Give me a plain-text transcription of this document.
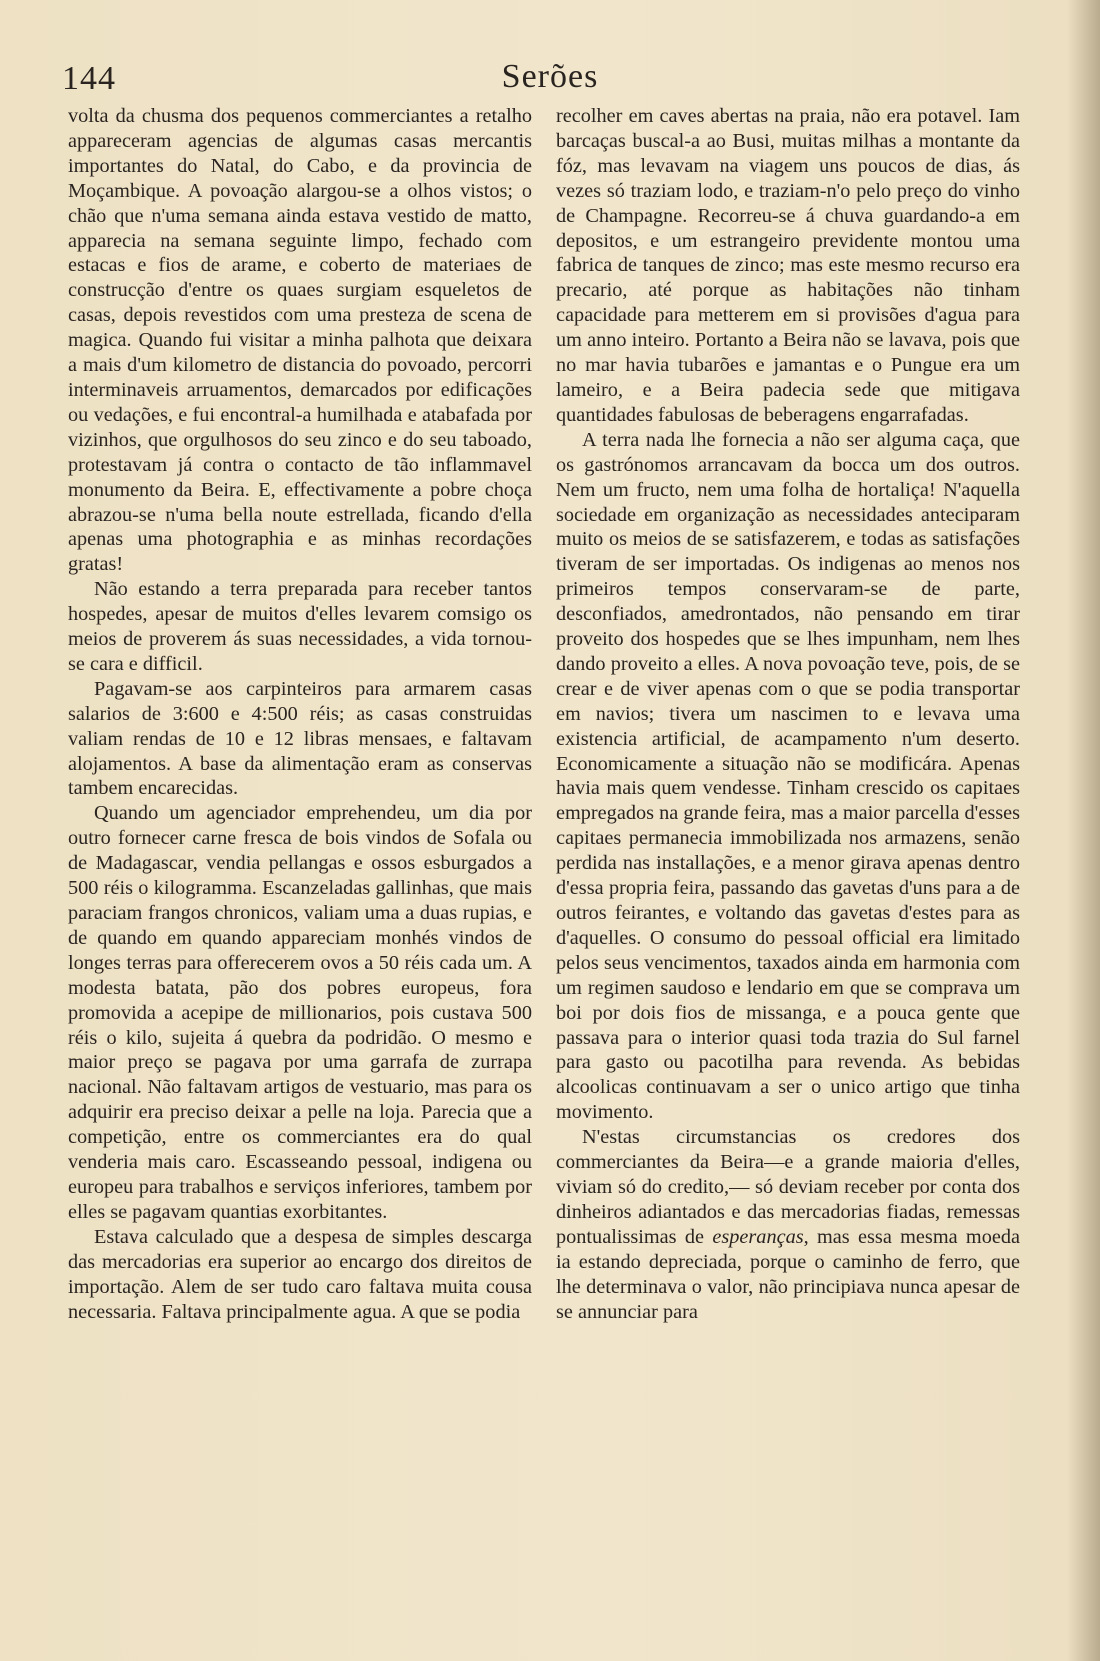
144	Serões

volta da chusma dos pequenos commerciantes a retalho appareceram agencias de algumas casas mercantis importantes do Natal, do Cabo, e da provincia de Moçambique. A povoação alargou-se a olhos vistos; o chão que n'uma semana ainda estava vestido de matto, apparecia na semana seguinte limpo, fechado com estacas e fios de arame, e coberto de materiaes de construcção d'entre os quaes surgiam esqueletos de casas, depois revestidos com uma presteza de scena de magica. Quando fui visitar a minha palhota que deixara a mais d'um kilometro de distancia do povoado, percorri interminaveis arruamentos, demarcados por edificações ou vedações, e fui encontral-a humilhada e atabafada por vizinhos, que orgulhosos do seu zinco e do seu taboado, protestavam já contra o contacto de tão inflammavel monumento da Beira. E, effectivamente a pobre choça abrazou-se n'uma bella noute estrellada, ficando d'ella apenas uma photographia e as minhas recordações gratas!

Não estando a terra preparada para receber tantos hospedes, apesar de muitos d'elles levarem comsigo os meios de proverem ás suas necessidades, a vida tornou-se cara e difficil.

Pagavam-se aos carpinteiros para armarem casas salarios de 3:600 e 4:500 réis; as casas construidas valiam rendas de 10 e 12 libras mensaes, e faltavam alojamentos. A base da alimentação eram as conservas tambem encarecidas.

Quando um agenciador emprehendeu, um dia por outro fornecer carne fresca de bois vindos de Sofala ou de Madagascar, vendia pellangas e ossos esburgados a 500 réis o kilogramma. Escanzeladas gallinhas, que mais paraciam frangos chronicos, valiam uma a duas rupias, e de quando em quando appareciam monhés vindos de longes terras para offerecerem ovos a 50 réis cada um. A modesta batata, pão dos pobres europeus, fora promovida a acepipe de millionarios, pois custava 500 réis o kilo, sujeita á quebra da podridão. O mesmo e maior preço se pagava por uma garrafa de zurrapa nacional. Não faltavam artigos de vestuario, mas para os adquirir era preciso deixar a pelle na loja. Parecia que a competição, entre os commerciantes era do qual venderia mais caro. Escasseando pessoal, indigena ou europeu para trabalhos e serviços inferiores, tambem por elles se pagavam quantias exorbitantes.

Estava calculado que a despesa de simples descarga das mercadorias era superior ao encargo dos direitos de importação. Alem de ser tudo caro faltava muita cousa necessaria. Faltava principalmente agua. A que se podia

recolher em caves abertas na praia, não era potavel. Iam barcaças buscal-a ao Busi, muitas milhas a montante da fóz, mas levavam na viagem uns poucos de dias, ás vezes só traziam lodo, e traziam-n'o pelo preço do vinho de Champagne. Recorreu-se á chuva guardando-a em depositos, e um estrangeiro previdente montou uma fabrica de tanques de zinco; mas este mesmo recurso era precario, até porque as habitações não tinham capacidade para metterem em si provisões d'agua para um anno inteiro. Portanto a Beira não se lavava, pois que no mar havia tubarões e jamantas e o Pungue era um lameiro, e a Beira padecia sede que mitigava quantidades fabulosas de beberagens engarrafadas.

A terra nada lhe fornecia a não ser alguma caça, que os gastrónomos arrancavam da bocca um dos outros. Nem um fructo, nem uma folha de hortaliça! N'aquella sociedade em organização as necessidades anteciparam muito os meios de se satisfazerem, e todas as satisfações tiveram de ser importadas. Os indigenas ao menos nos primeiros tempos conservaram-se de parte, desconfiados, amedrontados, não pensando em tirar proveito dos hospedes que se lhes impunham, nem lhes dando proveito a elles. A nova povoação teve, pois, de se crear e de viver apenas com o que se podia transportar em navios; tivera um nascimen to e levava uma existencia artificial, de acampamento n'um deserto. Economicamente a situação não se modificára. Apenas havia mais quem vendesse. Tinham crescido os capitaes empregados na grande feira, mas a maior parcella d'esses capitaes permanecia immobilizada nos armazens, senão perdida nas installações, e a menor girava apenas dentro d'essa propria feira, passando das gavetas d'uns para a de outros feirantes, e voltando das gavetas d'estes para as d'aquelles. O consumo do pessoal official era limitado pelos seus vencimentos, taxados ainda em harmonia com um regimen saudoso e lendario em que se comprava um boi por dois fios de missanga, e a pouca gente que passava para o interior quasi toda trazia do Sul farnel para gasto ou pacotilha para revenda. As bebidas alcoolicas continuavam a ser o unico artigo que tinha movimento.

N'estas circumstancias os credores dos commerciantes da Beira—e a grande maioria d'elles, viviam só do credito,— só deviam receber por conta dos dinheiros adiantados e das mercadorias fiadas, remessas pontualissimas de esperanças, mas essa mesma moeda ia estando depreciada, porque o caminho de ferro, que lhe determinava o valor, não principiava nunca apesar de se annunciar para
